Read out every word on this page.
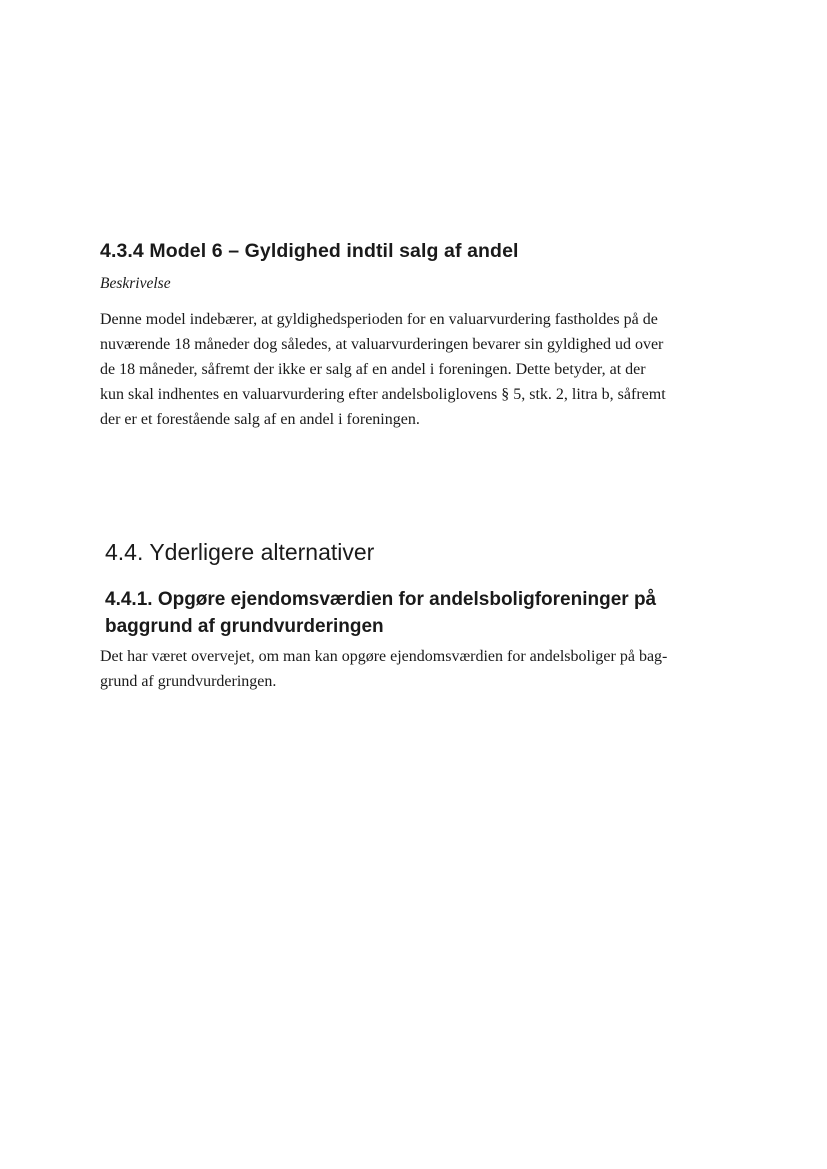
4.3.4 Model 6 – Gyldighed indtil salg af andel
Beskrivelse
Denne model indebærer, at gyldighedsperioden for en valuarvurdering fastholdes på de
nuværende 18 måneder dog således, at valuarvurderingen bevarer sin gyldighed ud over
de 18 måneder, såfremt der ikke er salg af en andel i foreningen. Dette betyder, at der
kun skal indhentes en valuarvurdering efter andelsboliglovens § 5, stk. 2, litra b, såfremt
der er et forestående salg af en andel i foreningen.
4.4. Yderligere alternativer
4.4.1. Opgøre ejendomsværdien for andelsboligforeninger på
baggrund af grundvurderingen
Det har været overvejet, om man kan opgøre ejendomsværdien for andelsboliger på bag-
grund af grundvurderingen.
